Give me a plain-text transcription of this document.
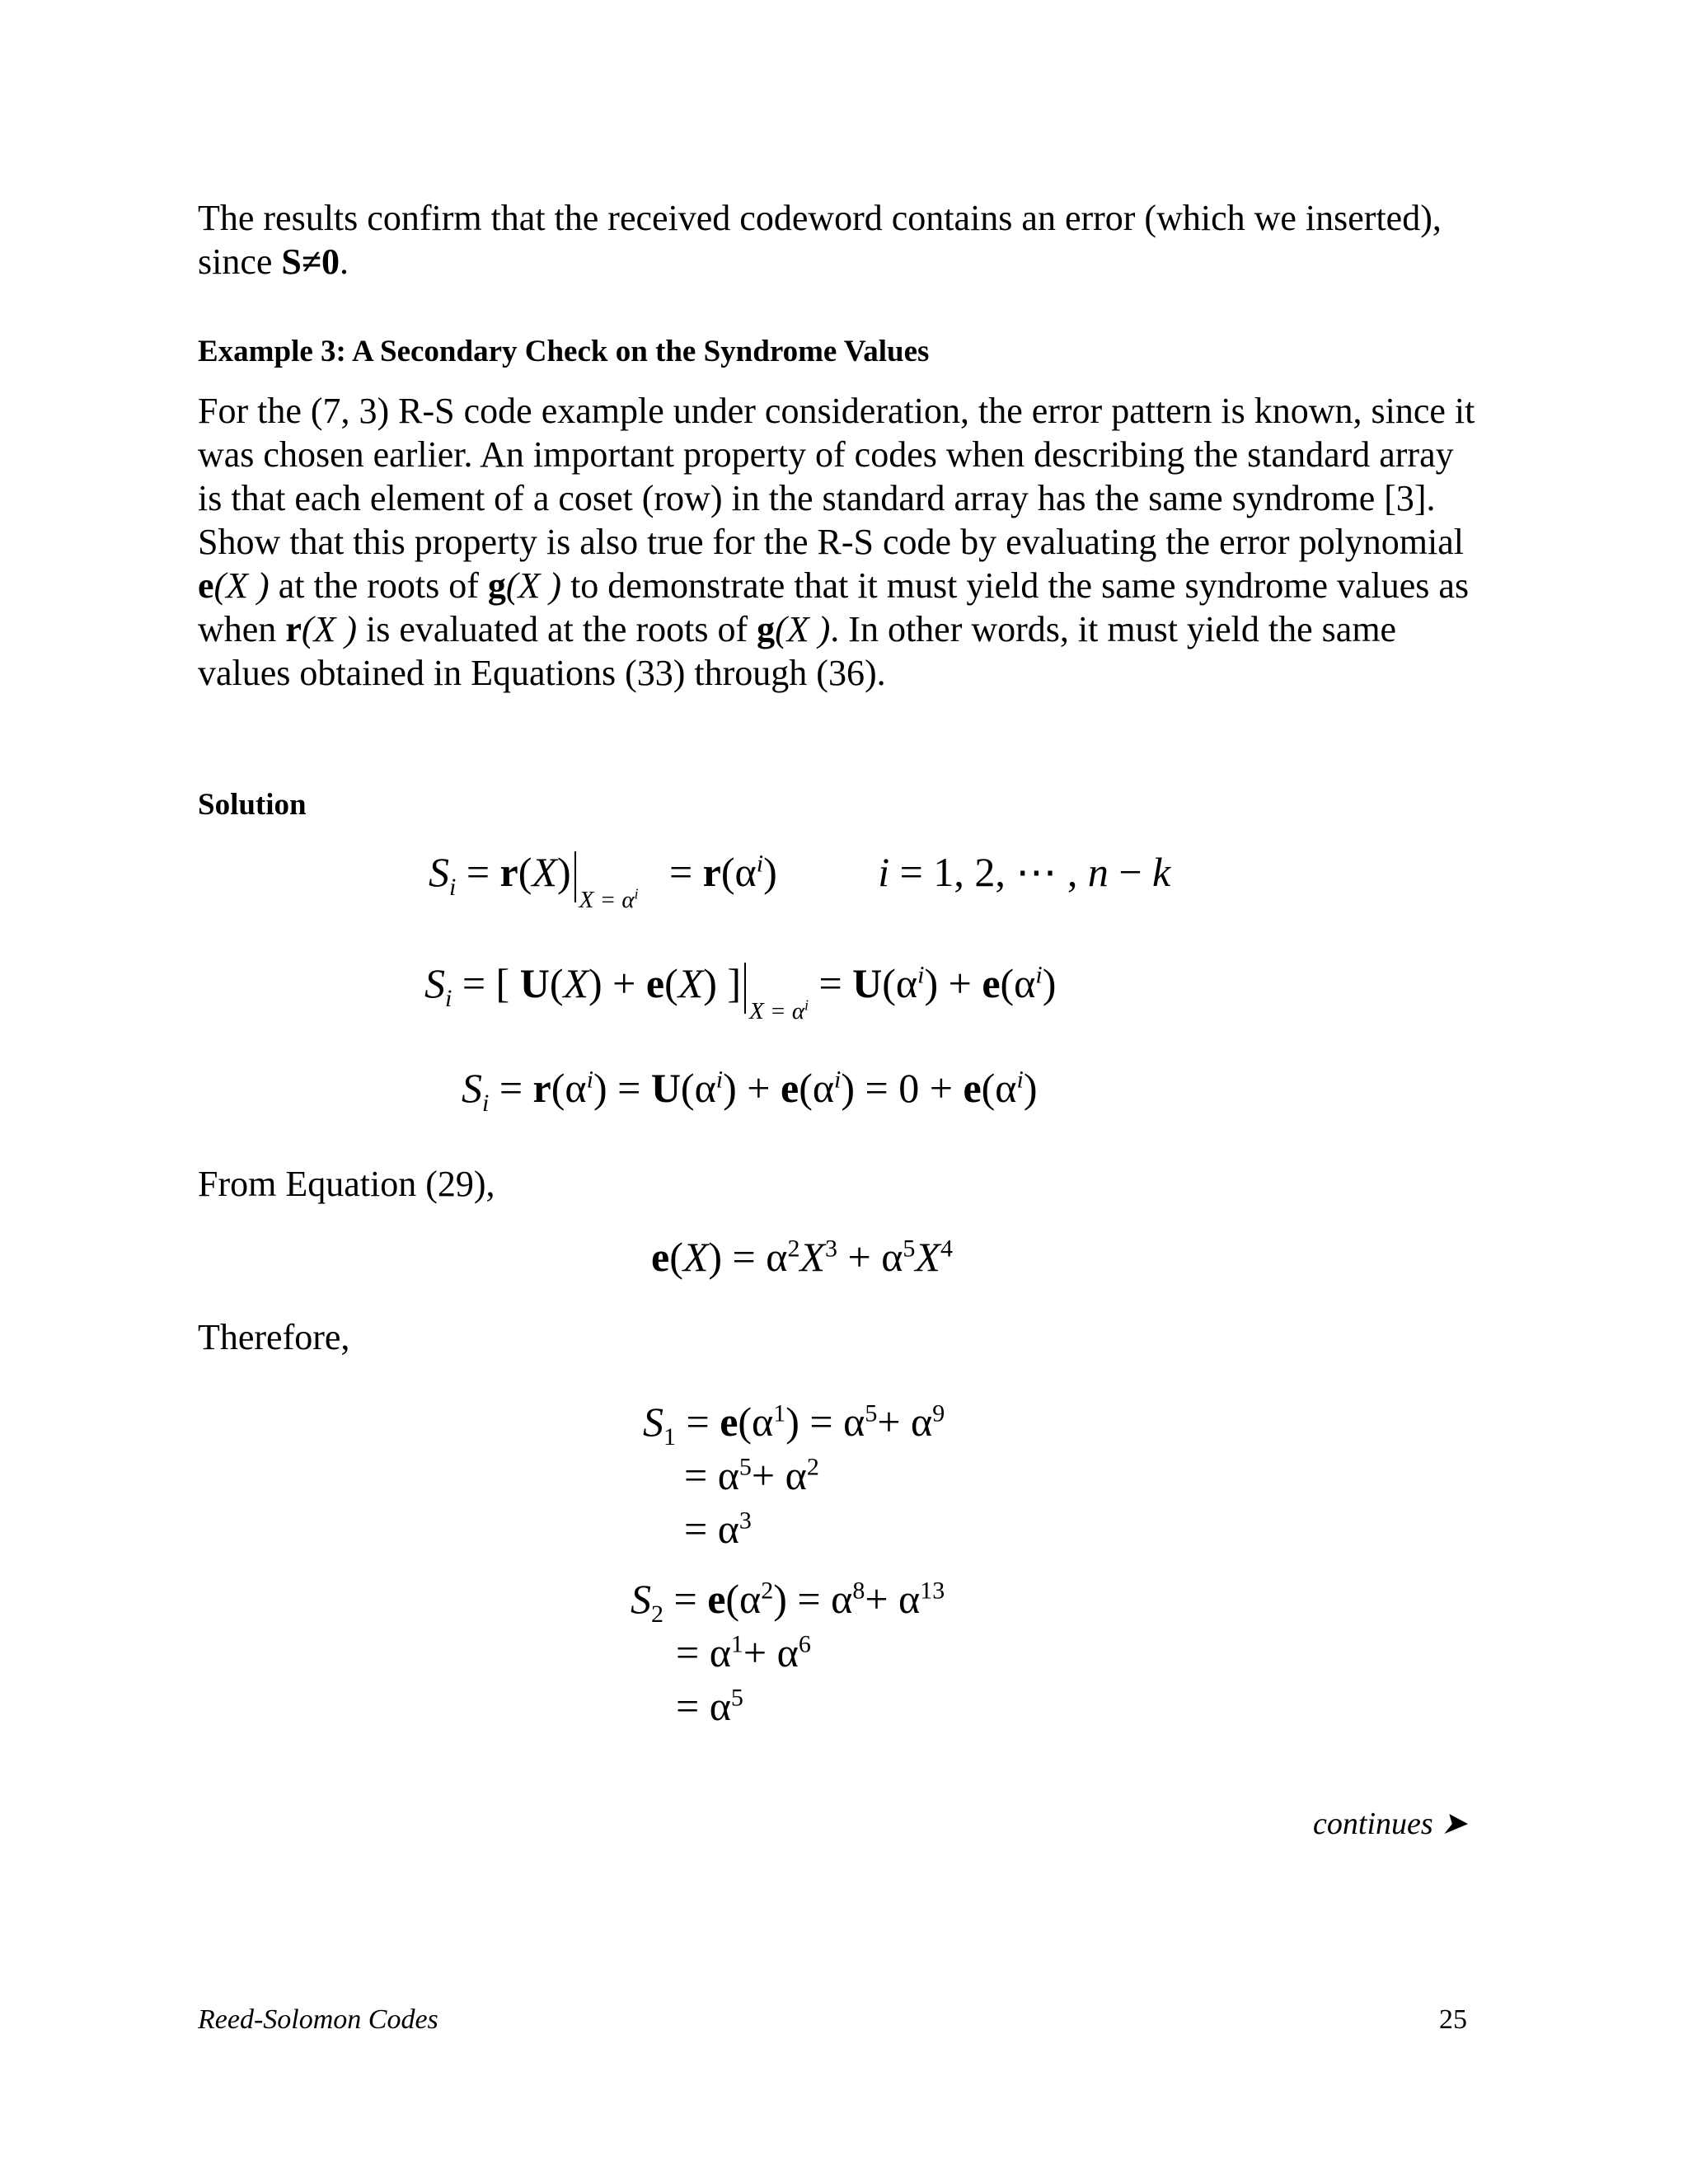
The results confirm that the received codeword contains an error (which we inserted), since S≠0.
Example 3: A Secondary Check on the Syndrome Values
For the (7, 3) R-S code example under consideration, the error pattern is known, since it was chosen earlier. An important property of codes when describing the standard array is that each element of a coset (row) in the standard array has the same syndrome [3]. Show that this property is also true for the R-S code by evaluating the error polynomial e(X ) at the roots of g(X ) to demonstrate that it must yield the same syndrome values as when r(X ) is evaluated at the roots of g(X ). In other words, it must yield the same values obtained in Equations (33) through (36).
Solution
$S_i = r(X)_{X = \alpha^i} = r(\alpha^i) i = 1$, 2, ⋯ , n − k
$S_i$ = [ U(X) + e(X) ]$_{X = \alpha^i} = U(\alpha^i) + e(\alpha^i)$
$S_i = r(\alpha^i) = U(\alpha^i) + e(\alpha^i) = 0 + e(\alpha^i)$
From Equation (29),
$e(X) = \alpha^2X^3 + \alpha^5X^4$
Therefore,
$S_1 = e(\alpha^1) = \alpha^5+ \alpha^9$
= $\alpha^5+ \alpha^2$
= $\alpha^3$
$S_2 = e(\alpha^2) = \alpha^8+ \alpha^{13}$
= $\alpha^1+ \alpha^6$
= $\alpha^5$
continues ➤
Reed-Solomon Codes	25
